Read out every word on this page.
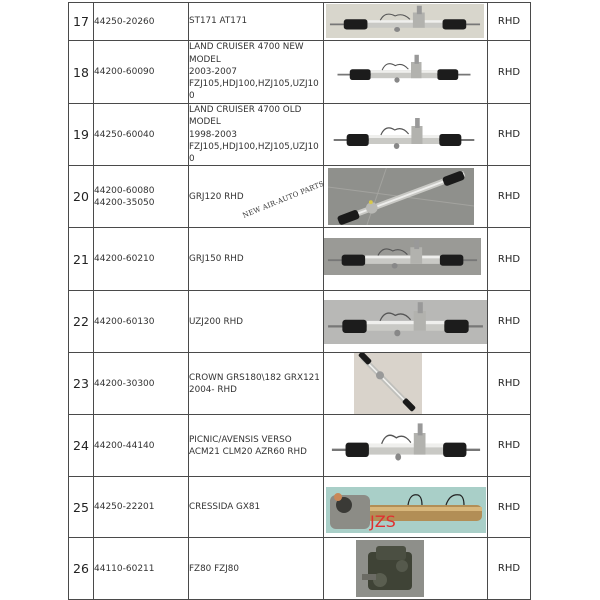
17	44250-20260	ST171 AT171		RHD
18	44200-60090	LAND CRUISER 4700 NEW
MODEL
2003-2007
FZJ105,HDJ100,HZJ105,UZJ10
0		RHD
19	44250-60040	LAND CRUISER 4700 OLD
MODEL
1998-2003
FZJ105,HDJ100,HZJ105,UZJ10
0		RHD
20	44200-60080
44200-35050	GRJ120 RHD		RHD
21	44200-60210	GRJ150 RHD		RHD
22	44200-60130	UZJ200 RHD		RHD
23	44200-30300	CROWN GRS180\182 GRX121
2004- RHD		RHD
24	44200-44140	PICNIC/AVENSIS VERSO
ACM21 CLM20 AZR60 RHD		RHD
25	44250-22201	CRESSIDA GX81	JZS	RHD
26	44110-60211	FZ80 FZJ80		RHD
NEW AIR-AUTO PARTS
